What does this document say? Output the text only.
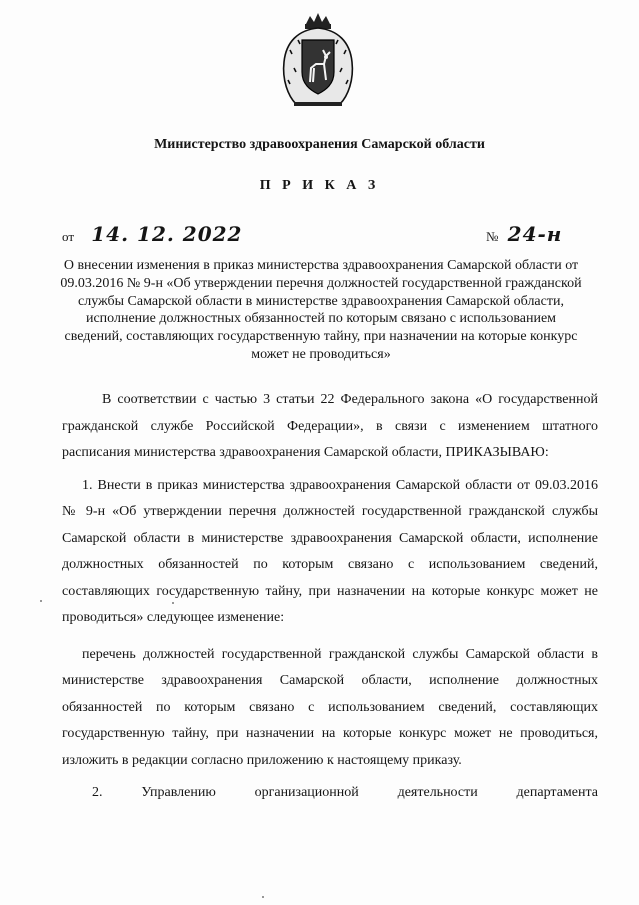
Министерство здравоохранения Самарской области
П Р И К А З
от 14. 12. 2022	№ 24-н
О внесении изменения в приказ министерства здравоохранения Самарской области от 09.03.2016 № 9-н «Об утверждении перечня должностей государственной гражданской службы Самарской области в министерстве здравоохранения Самарской области, исполнение должностных обязанностей по которым связано с использованием сведений, составляющих государственную тайну, при назначении на которые конкурс может не проводиться»

В соответствии с частью 3 статьи 22 Федерального закона «О государственной гражданской службе Российской Федерации», в связи с изменением штатного расписания министерства здравоохранения Самарской области, ПРИКАЗЫВАЮ:

1. Внести в приказ министерства здравоохранения Самарской области от 09.03.2016 № 9-н «Об утверждении перечня должностей государственной гражданской службы Самарской области в министерстве здравоохранения Самарской области, исполнение должностных обязанностей по которым связано с использованием сведений, составляющих государственную тайну, при назначении на которые конкурс может не проводиться» следующее изменение:

перечень должностей государственной гражданской службы Самарской области в министерстве здравоохранения Самарской области, исполнение должностных обязанностей по которым связано с использованием сведений, составляющих государственную тайну, при назначении на которые конкурс может не проводиться, изложить в редакции согласно приложению к настоящему приказу.

2. Управлению организационной деятельности департамента
